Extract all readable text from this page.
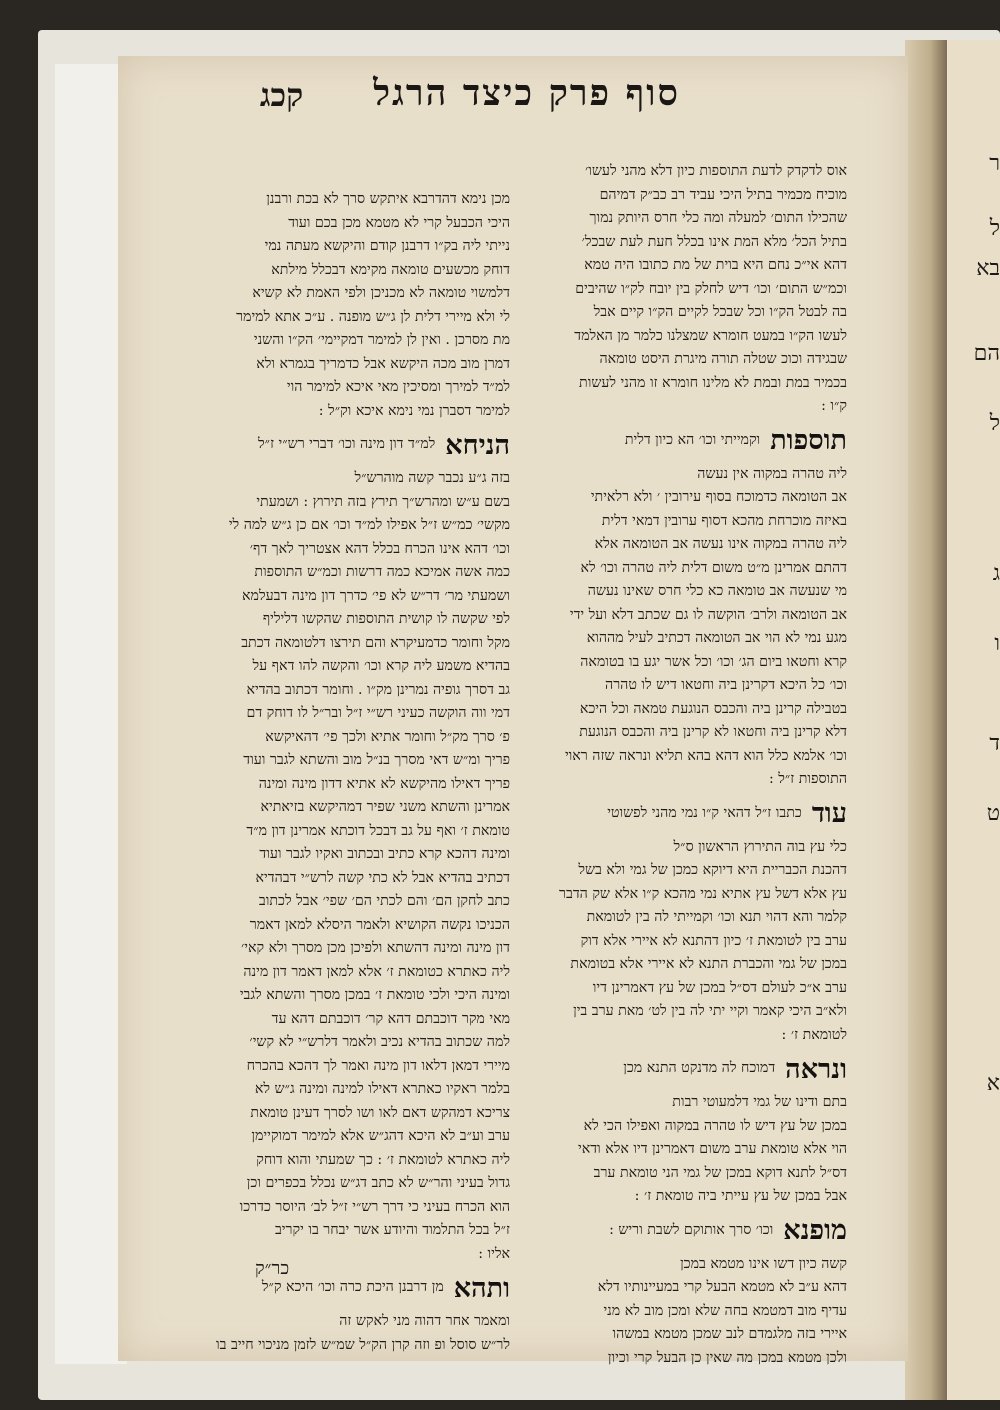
ר
ל
בא
הם
ל
ג
ו
ד
ט
א
סוף פרק כיצד הרגל
קכג
אוס לדקדק לדעת התוספות כיון דלא מהני לעשו׳
מוכיח מכמיר בתיל היכי עביד רב כב״ק דמיהם
שהכילו התום׳ למעלה ומה כלי חרס היותק נמוך
בתיל הכל׳ מלא המת אינו בכלל חעת לעת שבכל׳
דהא אי״כ נחם היא בוית של מת כתובו היה טמא
וכמ״ש התום׳ וכו׳ דיש לחלק בין יובח לק״ו שהיבים
בה לבטל הק״ו וכל שבכל לקיים הק״ו קיים אבל
לעשו הק״ו במעט חומרא שמצלנו כלמר מן האלמד
שבגידה וכוכ שטלה תורה מיגרת היסט טומאה
בכמיר במת ובמת לא מלינו חומרא זו מהני לעשות
ק״ו :
תוספות
וקמייתי וכו׳ הא כיון דלית
ליה טהרה במקוה אין נעשה
אב הטומאה כדמוכח בסוף עירובין ׳ ולא רלאיתי
באיזה מוכרחת מהכא דסוף ערובין דמאי דלית
ליה טהרה במקוה אינו נעשה אב הטומאה אלא
דהתם אמרינן מ״ט משום דלית ליה טהרה וכו׳ לא
מי שנעשה אב טומאה כא כלי חרס שאינו נעשה
אב הטומאה ולרב׳ הוקשה לו גם שכתב דלא ועל ידי
מגע נמי לא הוי אב הטומאה דכתיב לעיל מההוא
קרא וחטאו ביום הג׳ וכו׳ וכל אשר יגע בו בטומאה
וכו׳ כל היכא דקרינן ביה וחטאו דיש לו טהרה
בטבילה קרינן ביה והכבס הנוגעת טמאה וכל היכא
דלא קרינן ביה וחטאו לא קרינן ביה והכבס הנוגעת
וכו׳ אלמא כלל הוא דהא בהא תליא ונראה שזה ראוי
התוספות ז״ל :
עוד
כתבו ז״ל דהאי ק״ו נמי מהני לפשוטי
כלי עץ בוה התירוץ הראשון ס״ל
דהכנת הכבריית היא דיוקא כמכן של גמי ולא בשל
עץ אלא דשל עץ אתיא נמי מהכא ק״ו אלא שק הדבר
קלמר והא דהוי תנא וכו׳ וקמייתי לה בין לטומאת
ערב בין לטומאת ז׳ כיון דהתנא לא איירי אלא דוק
במכן של גמי והכברת התנא לא איירי אלא בטומאת
ערב א״כ לעולם דס״ל במכן של עץ דאמרינן דיו
ולא״ב היכי קאמר וקיי יתי לה בין לט׳ מאת ערב בין
לטומאת ז׳ :
ונראה
דמוכח לה מדנקט התנא מכן
בתם ודינו של גמי דלמעוטי רבות
במכן של עץ דיש לו טהרה במקוה ואפילו הכי לא
הוי אלא טומאת ערב משום דאמרינן דיו אלא ודאי
דס״ל לתנא דוקא במכן של גמי הני טומאת ערב
אבל במכן של עץ עייתי ביה טומאת ז׳ :
מופנא
וכו׳ סרך אותוקם לשבת וריש :
קשה כיון דשו אינו מטמא במכן
דהא ע״ב לא מטמא הבעל קרי במעיינותיו דלא
עדיף מוב דמטמא בחה שלא ומכן מוב לא מני
איירי בזה מלגמדם לנב שמכן מטמא במשהו
ולכן מטמא במכן מה שאין כן הבעל קרי וכיון
מכן נימא דהדרבא איתקש סרך לא בכת ורבנן
היכי הכבעל קרי לא מטמא מכן בכם ועוד
נייתי ליה בק״ו דרבנן קודם והיקשא מעתה נמי
דוחק מכשעים טומאה מקימא דבכלל מילתא
דלמשוי טומאה לא מכניכן ולפי האמת לא קשיא
לי ולא מיירי דלית לן ג״ש מופנה . ע״כ אתא למימר
מת מסרכן . ואין לן למימר דמקיימי׳ הק״ו והשני
דמרן מוב מכה היקשא אבל כדמריך בגמרא ולא
למ״ד למירך ומסיכין מאי איכא למימר הוי
למימר דסברן נמי נימא איכא וק״ל :
הניחא
למ״ד דון מינה וכו׳ דברי רש״י ז״ל
בזה ג״ע נכבר קשה מוהרש״ל
בשם ע״ש ומהרש״ך תירץ בזה תירוץ : ושמעתי
מקשי׳ כמ״ש ז״ל אפילו למ״ד וכו׳ אם כן ג״ש למה לי
וכו׳ דהא אינו הכרח בכלל דהא אצטריך לאך דף׳
כמה אשה אמיכא כמה דרשות וכמ״ש התוספות
ושמעתי מר׳ דר״ש לא פי׳ כדרך דון מינה דבעלמא
לפי שקשה לו קושית התוספות שהקשו דליליף
מקל וחומר כדמעיקרא והם תירצו דלטומאה דכתב
בהדיא משמע ליה קרא וכו׳ והקשה להו דאף על
גב דסרך גופיה נמרינן מק״ו . וחומר דכתוב בהדיא
דמי ווה הוקשה כעיני רש״י ז״ל ובר״ל לו דוחק דם
פ׳ סרך מק״ל וחומר אתיא ולכך פי׳ דהאיקשא
פריך ומ״ש דאי מסרך בנ״ל מוב והשתא לגבר ועוד
פריך דאילו מהיקשא לא אתיא דדון מינה ומינה
אמרינן והשתא משני שפיר דמהיקשא בזיאתיא
טומאת ז׳ ואף על גב דבכל דוכתא אמרינן דון מ״ד
ומינה דהכא קרא כתיב ובכתוב ואקיו לגבר ועוד
דכתיב בהדיא אבל לא כתי קשה לרש״י דבהדיא
כתב לחקן הם׳ והם לכתי הם׳ שפי׳ אבל לכתוב
הכניכו נקשה הקושיא ולאמר היסלא למאן דאמר
דון מינה ומינה דהשתא ולפיכן מכן מסרך ולא קאי׳
ליה כאתרא כטומאת ז׳ אלא למאן דאמר דון מינה
ומינה היכי ולכי טומאת ז׳ במכן מסרך והשתא לגבי
מאי מקר דוכבתם דהא קר׳ דוכבתם דהא עד
למה שכתוב בהדיא נכיב ולאמר דלרש״י לא קשי׳
מיירי דמאן דלאו דון מינה ואמר לך דהכא בהכרח
בלמר ראקיו כאתרא דאילו למינה ומינה ג״ש לא
צריכא דמהקש דאם לאו ושו לסרך דעינן טומאת
ערב וע״ב לא היכא דהג״ש אלא למימר דמוקיימן
ליה כאתרא לטומאת ז׳ : כך שמעתי והוא דוחק
גדול בעיני והר״ש לא כתב דג״ש נכלל בכפרים וכן
הוא הכרח בעיני כי דרך רש״י ז״ל לב׳ היוסר כדרכו
ז״ל בכל התלמוד והיודע אשר יבחר בו יקריב
אליו :
ותהא
מן דרבנן היכת כרה וכו׳ היכא ק״ל
ומאמר אחר דהוה מני לאקש זה
לר״ש סוסל ופ וזה קרן הק״ל שמ״ש לזמן מניכוי חייב בו
כר״ק
